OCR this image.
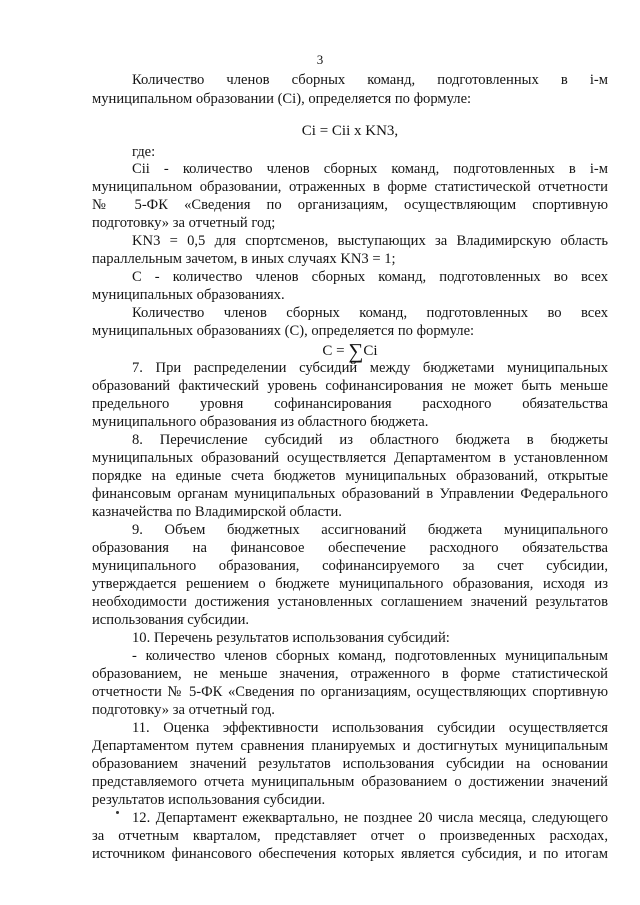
3
Количество членов сборных команд, подготовленных в i-м
муниципальном образовании (Ci), определяется по формуле:
Ci = Cii x KN3,
где:
Cii - количество членов сборных команд, подготовленных в i-м
муниципальном образовании, отраженных в форме статистической отчетности
№ 5-ФК «Сведения по организациям, осуществляющим спортивную
подготовку» за отчетный год;
KN3 = 0,5 для спортсменов, выступающих за Владимирскую область
параллельным зачетом, в иных случаях KN3 = 1;
С - количество членов сборных команд, подготовленных во всех
муниципальных образованиях.
Количество членов сборных команд, подготовленных во всех
муниципальных образованиях (С), определяется по формуле:
7. При распределении субсидий между бюджетами муниципальных
образований фактический уровень софинансирования не может быть меньше
предельного уровня софинансирования расходного обязательства
муниципального образования из областного бюджета.
8. Перечисление субсидий из областного бюджета в бюджеты
муниципальных образований осуществляется Департаментом в установленном
порядке на единые счета бюджетов муниципальных образований, открытые
финансовым органам муниципальных образований в Управлении Федерального
казначейства по Владимирской области.
9. Объем бюджетных ассигнований бюджета муниципального
образования на финансовое обеспечение расходного обязательства
муниципального образования, софинансируемого за счет субсидии,
утверждается решением о бюджете муниципального образования, исходя из
необходимости достижения установленных соглашением значений результатов
использования субсидии.
10. Перечень результатов использования субсидий:
- количество членов сборных команд, подготовленных муниципальным
образованием, не меньше значения, отраженного в форме статистической
отчетности № 5-ФК «Сведения по организациям, осуществляющих спортивную
подготовку» за отчетный год.
11. Оценка эффективности использования субсидии осуществляется
Департаментом путем сравнения планируемых и достигнутых муниципальным
образованием значений результатов использования субсидии на основании
представляемого отчета муниципальным образованием о достижении значений
результатов использования субсидии.
12. Департамент ежеквартально, не позднее 20 числа месяца, следующего
за отчетным кварталом, представляет отчет о произведенных расходах,
источником финансового обеспечения которых является субсидия, и по итогам
С = ∑Ci
